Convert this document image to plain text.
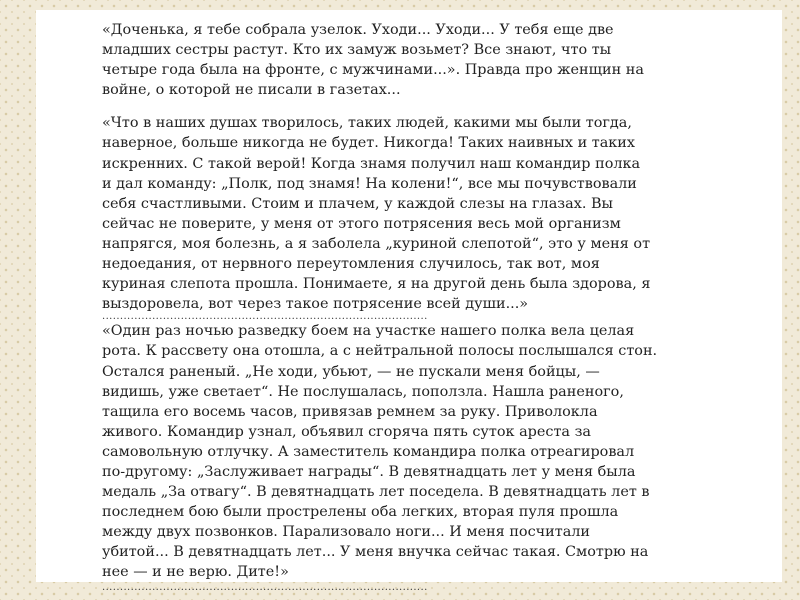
«Доченька, я тебе собрала узелок. Уходи... Уходи... У тебя еще две
младших сестры растут. Кто их замуж возьмет? Все знают, что ты
четыре года была на фронте, с мужчинами...». Правда про женщин на
войне, о которой не писали в газетах...
«Что в наших душах творилось, таких людей, какими мы были тогда,
наверное, больше никогда не будет. Никогда! Таких наивных и таких
искренних. С такой верой! Когда знамя получил наш командир полка
и дал команду: „Полк, под знамя! На колени!“, все мы почувствовали
себя счастливыми. Стоим и плачем, у каждой слезы на глазах. Вы
сейчас не поверите, у меня от этого потрясения весь мой организм
напрягся, моя болезнь, а я заболела „куриной слепотой“, это у меня от
недоедания, от нервного переутомления случилось, так вот, моя
куриная слепота прошла. Понимаете, я на другой день была здорова, я
выздоровела, вот через такое потрясение всей души...»
...........................................................................................
«Один раз ночью разведку боем на участке нашего полка вела целая
рота. К рассвету она отошла, а с нейтральной полосы послышался стон.
Остался раненый. „Не ходи, убьют, — не пускали меня бойцы, —
видишь, уже светает“. Не послушалась, поползла. Нашла раненого,
тащила его восемь часов, привязав ремнем за руку. Приволокла
живого. Командир узнал, объявил сгоряча пять суток ареста за
самовольную отлучку. А заместитель командира полка отреагировал
по-другому: „Заслуживает награды“. В девятнадцать лет у меня была
медаль „За отвагу“. В девятнадцать лет поседела. В девятнадцать лет в
последнем бою были прострелены оба легких, вторая пуля прошла
между двух позвонков. Парализовало ноги... И меня посчитали
убитой... В девятнадцать лет... У меня внучка сейчас такая. Смотрю на
нее — и не верю. Дите!»
...........................................................................................
